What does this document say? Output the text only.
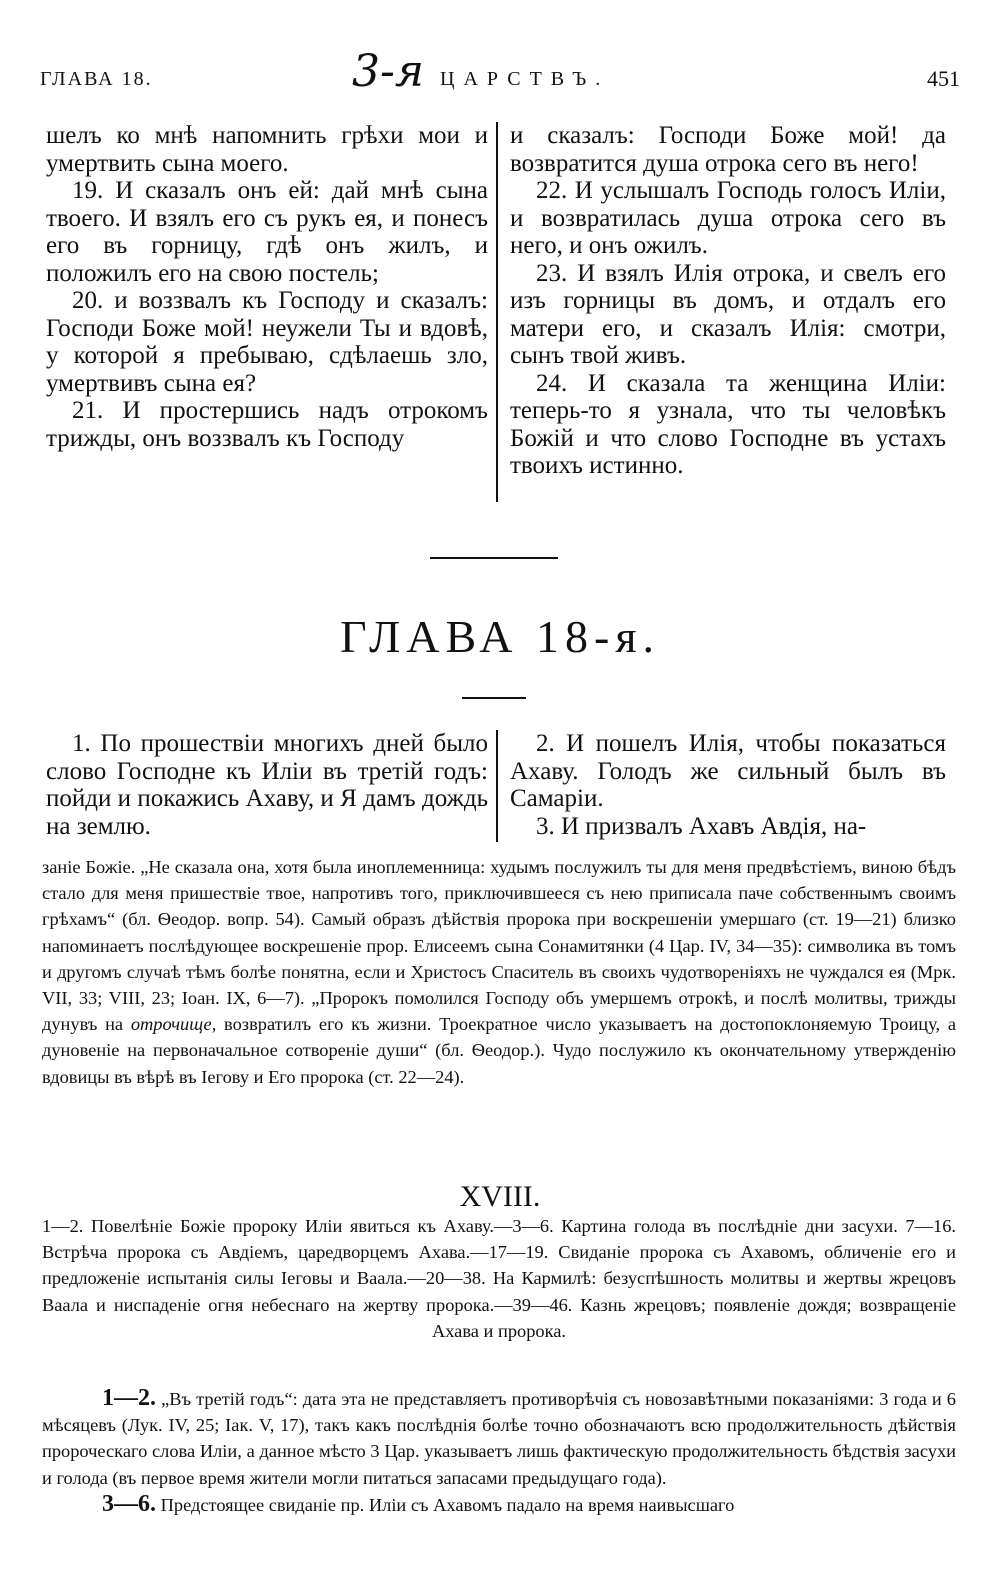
ГЛАВА 18.	3-я ЦАРСТВЪ.	451

шелъ ко мнѣ напомнить грѣхи мои и умертвить сына моего.

19. И сказалъ онъ ей: дай мнѣ сына твоего. И взялъ его съ рукъ ея, и понесъ его въ горницу, гдѣ онъ жилъ, и положилъ его на свою постель;

20. и воззвалъ къ Господу и сказалъ: Господи Боже мой! неужели Ты и вдовѣ, у которой я пребываю, сдѣлаешь зло, умертвивъ сына ея?

21. И простершись надъ отрокомъ трижды, онъ воззвалъ къ Господу

и сказалъ: Господи Боже мой! да возвратится душа отрока сего въ него!

22. И услышалъ Господь голосъ Иліи, и возвратилась душа отрока сего въ него, и онъ ожилъ.

23. И взялъ Илія отрока, и свелъ его изъ горницы въ домъ, и отдалъ его матери его, и сказалъ Илія: смотри, сынъ твой живъ.

24. И сказала та женщина Иліи: теперь-то я узнала, что ты человѣкъ Божій и что слово Господне въ устахъ твоихъ истинно.

ГЛАВА 18-я.

1. По прошествіи многихъ дней было слово Господне къ Иліи въ третій годъ: пойди и покажись Ахаву, и Я дамъ дождь на землю.

2. И пошелъ Илія, чтобы показаться Ахаву. Голодъ же сильный былъ въ Самаріи.

3. И призвалъ Ахавъ Авдія, на-

заніе Божіе. „Не сказала она, хотя была иноплеменница: худымъ послужилъ ты для меня предвѣстіемъ, виною бѣдъ стало для меня пришествіе твое, напротивъ того, приключившееся съ нею приписала паче собственнымъ своимъ грѣхамъ“ (бл. Ѳеодор. вопр. 54). Самый образъ дѣйствія пророка при воскрешеніи умершаго (ст. 19—21) близко напоминаетъ послѣдующее воскрешеніе прор. Елисеемъ сына Сонамитянки (4 Цар. IV, 34—35): символика въ томъ и другомъ случаѣ тѣмъ болѣе понятна, если и Христосъ Спаситель въ своихъ чудотвореніяхъ не чуждался ея (Мрк. VII, 33; VIII, 23; Іоан. IX, 6—7). „Пророкъ помолился Господу объ умершемъ отрокѣ, и послѣ молитвы, трижды дунувъ на отрочище, возвратилъ его къ жизни. Троекратное число указываетъ на достопоклоняемую Троицу, а дуновеніе на первоначальное сотвореніе души“ (бл. Ѳеодор.). Чудо послужило къ окончательному утвержденію вдовицы въ вѣрѣ въ Іегову и Его пророка (ст. 22—24).

XVIII.

1—2. Повелѣніе Божіе пророку Иліи явиться къ Ахаву.—3—6. Картина голода въ послѣдніе дни засухи. 7—16. Встрѣча пророка съ Авдіемъ, царедворцемъ Ахава.—17—19. Свиданіе пророка съ Ахавомъ, обличеніе его и предложеніе испытанія силы Іеговы и Ваала.—20—38. На Кармилѣ: безуспѣшность молитвы и жертвы жрецовъ Ваала и ниспаденіе огня небеснаго на жертву пророка.—39—46. Казнь жрецовъ; появленіе дождя; возвращеніе Ахава и пророка.

1—2. „Въ третій годъ“: дата эта не представляетъ противорѣчія съ новозавѣтными показаніями: 3 года и 6 мѣсяцевъ (Лук. IV, 25; Іак. V, 17), такъ какъ послѣднія болѣе точно обозначаютъ всю продолжительность дѣйствія пророческаго слова Иліи, а данное мѣсто 3 Цар. указываетъ лишь фактическую продолжительность бѣдствія засухи и голода (въ первое время жители могли питаться запасами предыдущаго года).

3—6. Предстоящее свиданіе пр. Иліи съ Ахавомъ падало на время наивысшаго
